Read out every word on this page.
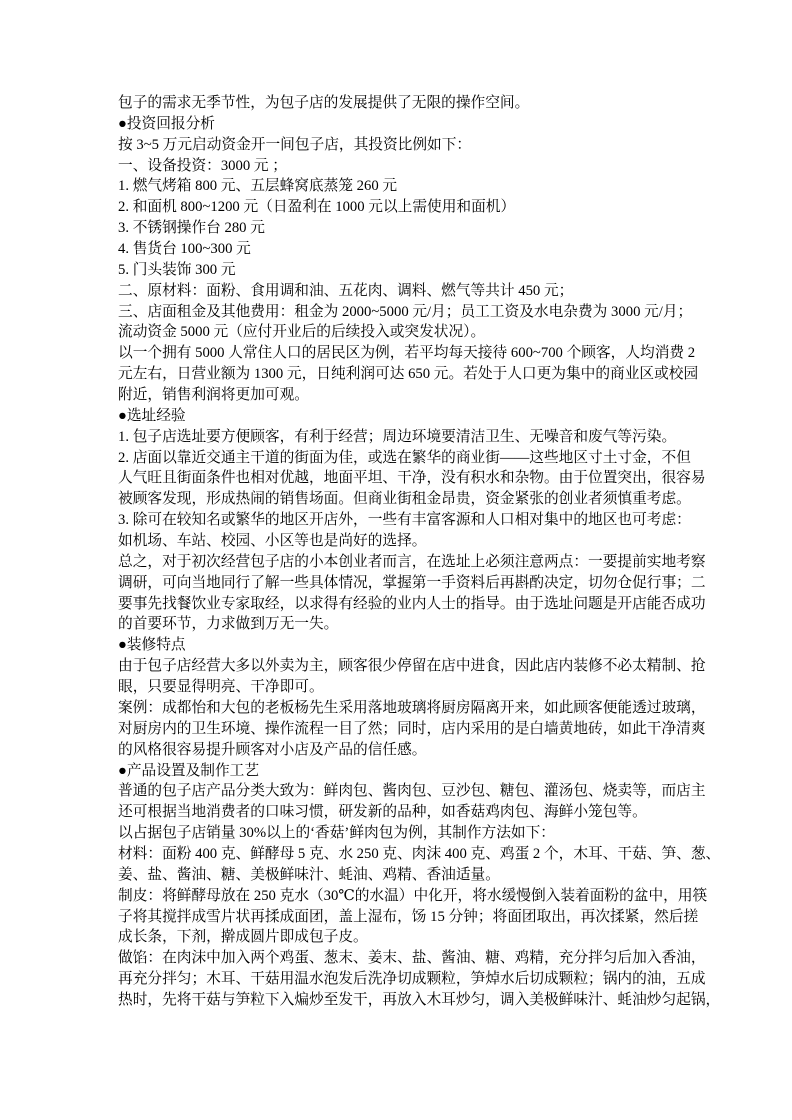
包子的需求无季节性，为包子店的发展提供了无限的操作空间。
●投资回报分析
按 3~5 万元启动资金开一间包子店，其投资比例如下：
一、设备投资：3000 元 ；
1. 燃气烤箱 800 元、五层蜂窝底蒸笼 260 元
2. 和面机 800~1200 元（日盈利在 1000 元以上需使用和面机）
3. 不锈钢操作台 280 元
4. 售货台 100~300 元
5. 门头装饰 300 元
二、原材料：面粉、食用调和油、五花肉、调料、燃气等共计 450 元；
三、店面租金及其他费用：租金为 2000~5000 元/月；员工工资及水电杂费为 3000 元/月；
流动资金 5000 元（应付开业后的后续投入或突发状况）。
以一个拥有 5000 人常住人口的居民区为例，若平均每天接待 600~700 个顾客，人均消费 2
元左右，日营业额为 1300 元，日纯利润可达 650 元。若处于人口更为集中的商业区或校园
附近，销售利润将更加可观。
●选址经验
1. 包子店选址要方便顾客，有利于经营；周边环境要清洁卫生、无噪音和废气等污染。
2. 店面以靠近交通主干道的街面为佳，或选在繁华的商业街——这些地区寸土寸金，不但
人气旺且街面条件也相对优越，地面平坦、干净，没有积水和杂物。由于位置突出，很容易
被顾客发现，形成热闹的销售场面。但商业街租金昂贵，资金紧张的创业者须慎重考虑。
3. 除可在较知名或繁华的地区开店外，一些有丰富客源和人口相对集中的地区也可考虑：
如机场、车站、校园、小区等也是尚好的选择。
总之，对于初次经营包子店的小本创业者而言，在选址上必须注意两点：一要提前实地考察
调研，可向当地同行了解一些具体情况，掌握第一手资料后再斟酌决定，切勿仓促行事；二
要事先找餐饮业专家取经，以求得有经验的业内人士的指导。由于选址问题是开店能否成功
的首要环节，力求做到万无一失。
●装修特点
由于包子店经营大多以外卖为主，顾客很少停留在店中进食，因此店内装修不必太精制、抢
眼，只要显得明亮、干净即可。
案例：成都怡和大包的老板杨先生采用落地玻璃将厨房隔离开来，如此顾客便能透过玻璃，
对厨房内的卫生环境、操作流程一目了然；同时，店内采用的是白墙黄地砖，如此干净清爽
的风格很容易提升顾客对小店及产品的信任感。
●产品设置及制作工艺
普通的包子店产品分类大致为：鲜肉包、酱肉包、豆沙包、糖包、灌汤包、烧卖等，而店主
还可根据当地消费者的口味习惯，研发新的品种，如香菇鸡肉包、海鲜小笼包等。
以占据包子店销量 30%以上的‘香菇’鲜肉包为例，其制作方法如下：
材料：面粉 400 克、鲜酵母 5 克、水 250 克、肉沫 400 克、鸡蛋 2 个，木耳、干菇、笋、葱、
姜、盐、酱油、糖、美极鲜味汁、蚝油、鸡精、香油适量。
制皮：将鲜酵母放在 250 克水（30℃的水温）中化开，将水缓慢倒入装着面粉的盆中，用筷
子将其搅拌成雪片状再揉成面团，盖上湿布，饧 15 分钟；将面团取出，再次揉紧，然后搓
成长条，下剂，擀成圆片即成包子皮。
做馅：在肉沫中加入两个鸡蛋、葱末、姜末、盐、酱油、糖、鸡精，充分拌匀后加入香油，
再充分拌匀；木耳、干菇用温水泡发后洗净切成颗粒，笋焯水后切成颗粒；锅内的油，五成
热时，先将干菇与笋粒下入煸炒至发干，再放入木耳炒匀，调入美极鲜味汁、蚝油炒匀起锅，
